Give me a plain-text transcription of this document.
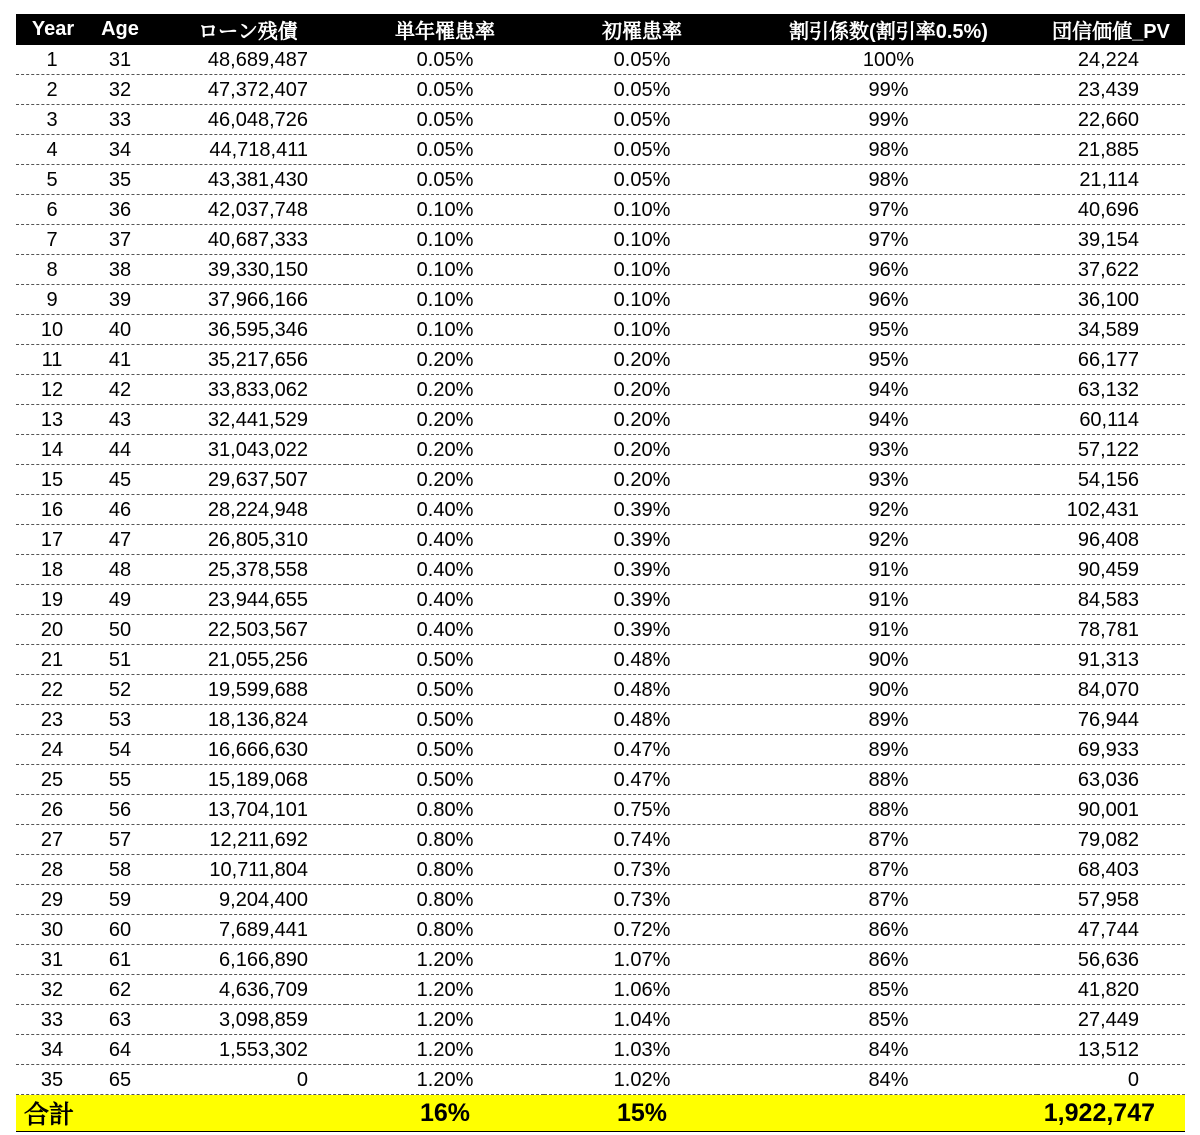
Year	Age	ローン残債	単年罹患率	初罹患率	割引係数(割引率0.5%)	団信価値_PV
1	31	48,689,487	0.05%	0.05%	100%	24,224
2	32	47,372,407	0.05%	0.05%	99%	23,439
3	33	46,048,726	0.05%	0.05%	99%	22,660
4	34	44,718,411	0.05%	0.05%	98%	21,885
5	35	43,381,430	0.05%	0.05%	98%	21,114
6	36	42,037,748	0.10%	0.10%	97%	40,696
7	37	40,687,333	0.10%	0.10%	97%	39,154
8	38	39,330,150	0.10%	0.10%	96%	37,622
9	39	37,966,166	0.10%	0.10%	96%	36,100
10	40	36,595,346	0.10%	0.10%	95%	34,589
11	41	35,217,656	0.20%	0.20%	95%	66,177
12	42	33,833,062	0.20%	0.20%	94%	63,132
13	43	32,441,529	0.20%	0.20%	94%	60,114
14	44	31,043,022	0.20%	0.20%	93%	57,122
15	45	29,637,507	0.20%	0.20%	93%	54,156
16	46	28,224,948	0.40%	0.39%	92%	102,431
17	47	26,805,310	0.40%	0.39%	92%	96,408
18	48	25,378,558	0.40%	0.39%	91%	90,459
19	49	23,944,655	0.40%	0.39%	91%	84,583
20	50	22,503,567	0.40%	0.39%	91%	78,781
21	51	21,055,256	0.50%	0.48%	90%	91,313
22	52	19,599,688	0.50%	0.48%	90%	84,070
23	53	18,136,824	0.50%	0.48%	89%	76,944
24	54	16,666,630	0.50%	0.47%	89%	69,933
25	55	15,189,068	0.50%	0.47%	88%	63,036
26	56	13,704,101	0.80%	0.75%	88%	90,001
27	57	12,211,692	0.80%	0.74%	87%	79,082
28	58	10,711,804	0.80%	0.73%	87%	68,403
29	59	9,204,400	0.80%	0.73%	87%	57,958
30	60	7,689,441	0.80%	0.72%	86%	47,744
31	61	6,166,890	1.20%	1.07%	86%	56,636
32	62	4,636,709	1.20%	1.06%	85%	41,820
33	63	3,098,859	1.20%	1.04%	85%	27,449
34	64	1,553,302	1.20%	1.03%	84%	13,512
35	65	0	1.20%	1.02%	84%	0
合計			16%	15%		1,922,747
